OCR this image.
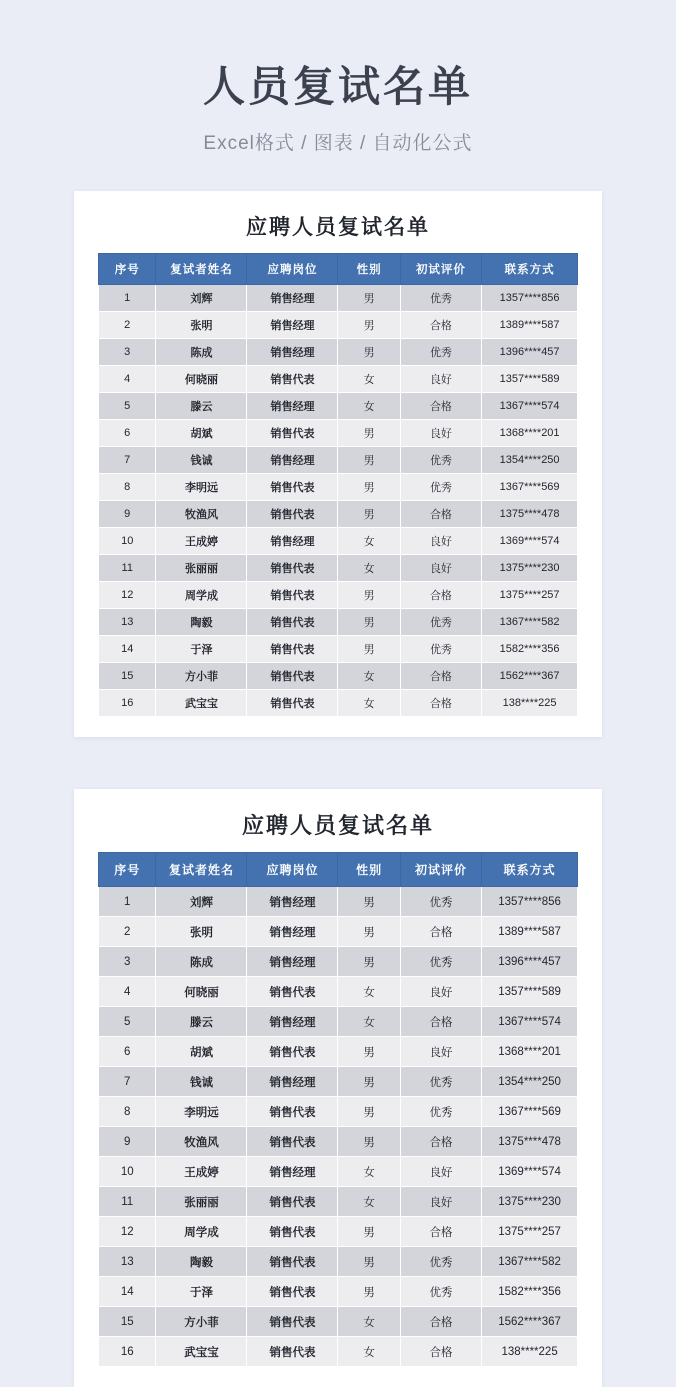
人员复试名单
Excel格式 / 图表 / 自动化公式
应聘人员复试名单
序号	复试者姓名	应聘岗位	性别	初试评价	联系方式
1	刘辉	销售经理	男	优秀	1357****856
2	张明	销售经理	男	合格	1389****587
3	陈成	销售经理	男	优秀	1396****457
4	何晓丽	销售代表	女	良好	1357****589
5	滕云	销售经理	女	合格	1367****574
6	胡斌	销售代表	男	良好	1368****201
7	钱诚	销售经理	男	优秀	1354****250
8	李明远	销售代表	男	优秀	1367****569
9	牧渔风	销售代表	男	合格	1375****478
10	王成婷	销售经理	女	良好	1369****574
11	张丽丽	销售代表	女	良好	1375****230
12	周学成	销售代表	男	合格	1375****257
13	陶毅	销售代表	男	优秀	1367****582
14	于泽	销售代表	男	优秀	1582****356
15	方小菲	销售代表	女	合格	1562****367
16	武宝宝	销售代表	女	合格	138****225
应聘人员复试名单
序号	复试者姓名	应聘岗位	性别	初试评价	联系方式
1	刘辉	销售经理	男	优秀	1357****856
2	张明	销售经理	男	合格	1389****587
3	陈成	销售经理	男	优秀	1396****457
4	何晓丽	销售代表	女	良好	1357****589
5	滕云	销售经理	女	合格	1367****574
6	胡斌	销售代表	男	良好	1368****201
7	钱诚	销售经理	男	优秀	1354****250
8	李明远	销售代表	男	优秀	1367****569
9	牧渔风	销售代表	男	合格	1375****478
10	王成婷	销售经理	女	良好	1369****574
11	张丽丽	销售代表	女	良好	1375****230
12	周学成	销售代表	男	合格	1375****257
13	陶毅	销售代表	男	优秀	1367****582
14	于泽	销售代表	男	优秀	1582****356
15	方小菲	销售代表	女	合格	1562****367
16	武宝宝	销售代表	女	合格	138****225
